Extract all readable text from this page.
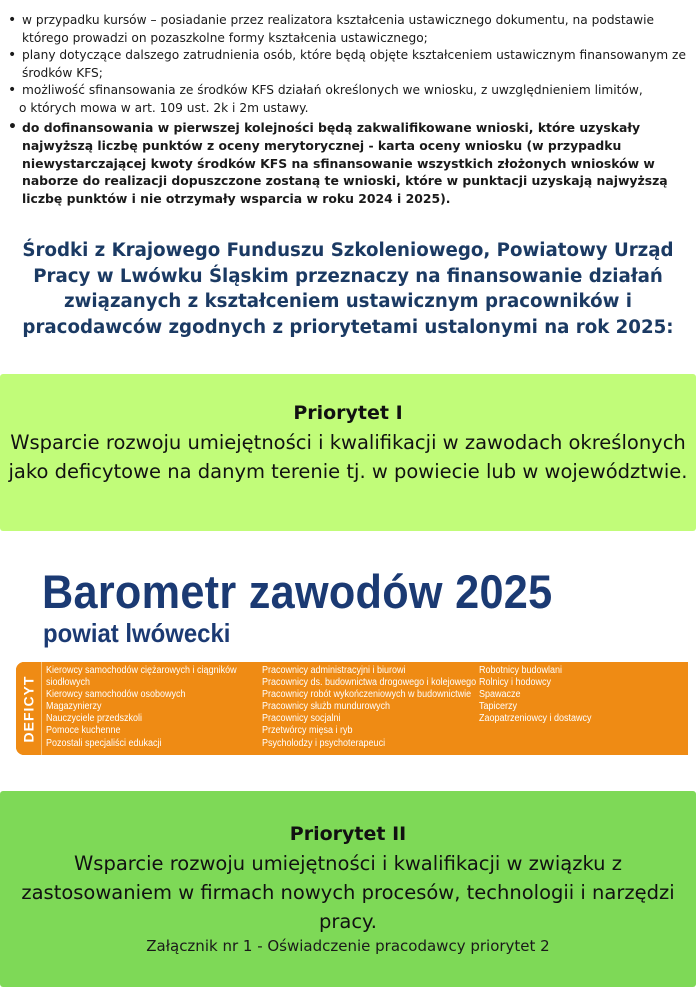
• w przypadku kursów – posiadanie przez realizatora kształcenia ustawicznego dokumentu, na podstawie którego prowadzi on pozaszkolne formy kształcenia ustawicznego;
• plany dotyczące dalszego zatrudnienia osób, które będą objęte kształceniem ustawicznym finansowanym ze środków KFS;
• możliwość sfinansowania ze środków KFS działań określonych we wniosku, z uwzględnieniem limitów,
o których mowa w art. 109 ust. 2k i 2m ustawy.
• do dofinansowania w pierwszej kolejności będą zakwalifikowane wnioski, które uzyskały najwyższą liczbę punktów z oceny merytorycznej - karta oceny wniosku (w przypadku niewystarczającej kwoty środków KFS na sfinansowanie wszystkich złożonych wniosków w naborze do realizacji dopuszczone zostaną te wnioski, które w punktacji uzyskają najwyższą liczbę punktów i nie otrzymały wsparcia w roku 2024 i 2025).
Środki z Krajowego Funduszu Szkoleniowego, Powiatowy Urząd Pracy w Lwówku Śląskim przeznaczy na finansowanie działań związanych z kształceniem ustawicznym pracowników i pracodawców zgodnych z priorytetami ustalonymi na rok 2025:
Priorytet I
Wsparcie rozwoju umiejętności i kwalifikacji w zawodach określonych jako deficytowe na danym terenie tj. w powiecie lub w województwie.
Barometr zawodów 2025
powiat lwówecki
DEFICYT
Kierowcy samochodów ciężarowych i ciągników
siodłowych
Kierowcy samochodów osobowych
Magazynierzy
Nauczyciele przedszkoli
Pomoce kuchenne
Pozostali specjaliści edukacji
Pracownicy administracyjni i biurowi
Pracownicy ds. budownictwa drogowego i kolejowego
Pracownicy robót wykończeniowych w budownictwie
Pracownicy służb mundurowych
Pracownicy socjalni
Przetwórcy mięsa i ryb
Psycholodzy i psychoterapeuci
Robotnicy budowlani
Rolnicy i hodowcy
Spawacze
Tapicerzy
Zaopatrzeniowcy i dostawcy
Priorytet II
Wsparcie rozwoju umiejętności i kwalifikacji w związku z zastosowaniem w firmach nowych procesów, technologii i narzędzi pracy.
Załącznik nr 1 - Oświadczenie pracodawcy priorytet 2
